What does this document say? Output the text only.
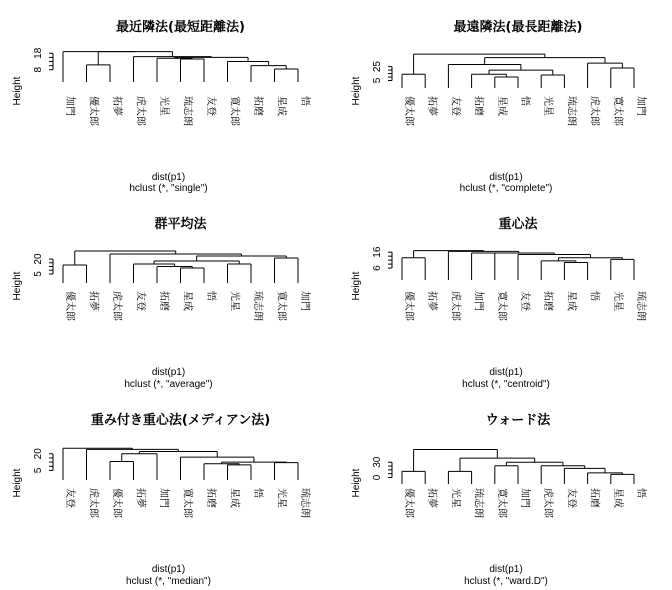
最近隣法(最短距離法)
Height
8
18
加門 優太郎 拓夢 虎太郎 光星 琉志朗 友登 寛太郎 拓磨 星成 悟
dist(p1)
hclust (*, "single")
最遠隣法(最長距離法)
Height 5
25
優太郎 拓夢 友登 拓磨 星成 悟 光星 琉志朗 虎太郎 寛太郎 加門
dist(p1)
hclust (*, "complete")
群平均法
Height 5
20
優太郎 拓夢 虎太郎 友登 拓磨 星成 悟 光星 琉志朗 寛太郎 加門
dist(p1)
hclust (*, "average")
重心法
Height
6
16
優太郎 拓夢 虎太郎 加門 寛太郎 友登 拓磨 星成 悟 光星 琉志朗
dist(p1)
hclust (*, "centroid")
重み付き重心法(メディアン法)
Height 5
20
友登 虎太郎 優太郎 拓夢 加門 寛太郎 拓磨 星成 悟 光星 琉志朗
dist(p1)
hclust (*, "median")
ウォード法
Height 0
30
優太郎 拓夢 光星 琉志朗 寛太郎 加門 虎太郎 友登 拓磨 星成 悟
dist(p1)
hclust (*, "ward.D")
